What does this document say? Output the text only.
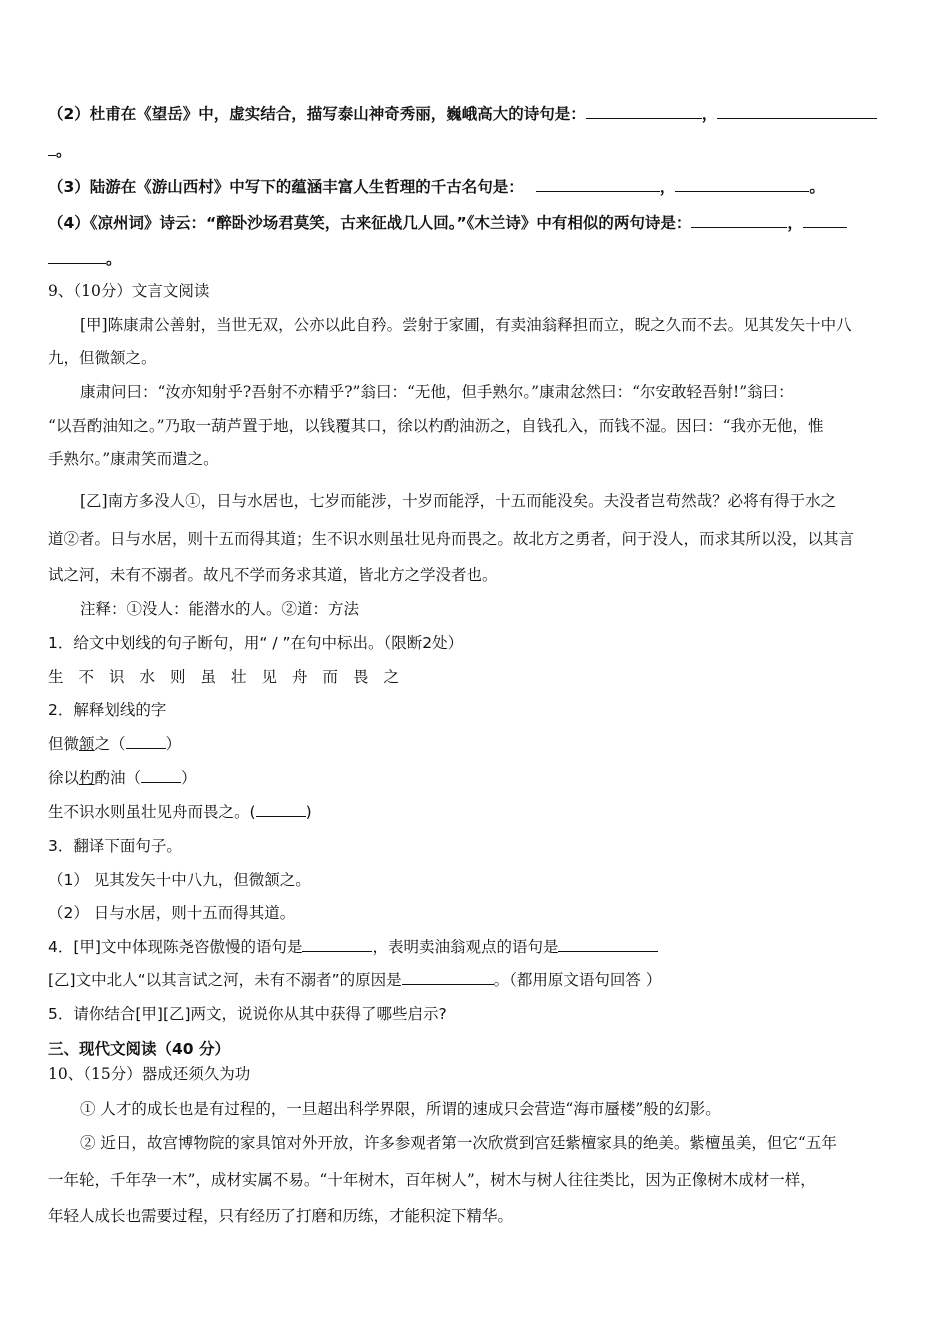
（2）杜甫在《望岳》中，虚实结合，描写泰山神奇秀丽，巍峨高大的诗句是：	，
。
（3）陆游在《游山西村》中写下的蕴涵丰富人生哲理的千古名句是：	，	。
（4）《凉州词》诗云：“醉卧沙场君莫笑，古来征战几人回。”《木兰诗》中有相似的两句诗是：	，
。
9、（10分）文言文阅读
[甲]陈康肃公善射，当世无双，公亦以此自矜。尝射于家圃，有卖油翁释担而立，睨之久而不去。见其发矢十中八
九，但微颔之。
康肃问曰：“汝亦知射乎?吾射不亦精乎?”翁曰：“无他，但手熟尔。”康肃忿然曰：“尔安敢轻吾射!”翁曰：
“以吾酌油知之。”乃取一葫芦置于地，以钱覆其口，徐以杓酌油沥之，自钱孔入，而钱不湿。因曰：“我亦无他，惟
手熟尔。”康肃笑而遣之。
[乙]南方多没人①，日与水居也，七岁而能涉，十岁而能浮，十五而能没矣。夫没者岂苟然哉？必将有得于水之
道②者。日与水居，则十五而得其道；生不识水则虽壮见舟而畏之。故北方之勇者，问于没人，而求其所以没，以其言
试之河，未有不溺者。故凡不学而务求其道，皆北方之学没者也。
注释：①没人：能潜水的人。②道：方法
1．给文中划线的句子断句，用“ / ”在句中标出。（限断2处）
生不识水则虽壮见舟而畏之
2．解释划线的字
但微颔之（	）
徐以杓酌油（	）
生不识水则虽壮见舟而畏之。(	)
3．翻译下面句子。
（1） 见其发矢十中八九，但微颔之。
（2） 日与水居，则十五而得其道。
4．[甲]文中体现陈尧咨傲慢的语句是	，表明卖油翁观点的语句是
[乙]文中北人“以其言试之河，未有不溺者”的原因是	。（都用原文语句回答 ）
5．请你结合[甲][乙]两文，说说你从其中获得了哪些启示?
三、现代文阅读（40 分）
10、（15分）器成还须久为功
① 人才的成长也是有过程的，一旦超出科学界限，所谓的速成只会营造“海市蜃楼”般的幻影。
② 近日，故宫博物院的家具馆对外开放，许多参观者第一次欣赏到宫廷紫檀家具的绝美。紫檀虽美，但它“五年
一年轮，千年孕一木”，成材实属不易。“十年树木，百年树人”，树木与树人往往类比，因为正像树木成材一样，
年轻人成长也需要过程，只有经历了打磨和历练，才能积淀下精华。
